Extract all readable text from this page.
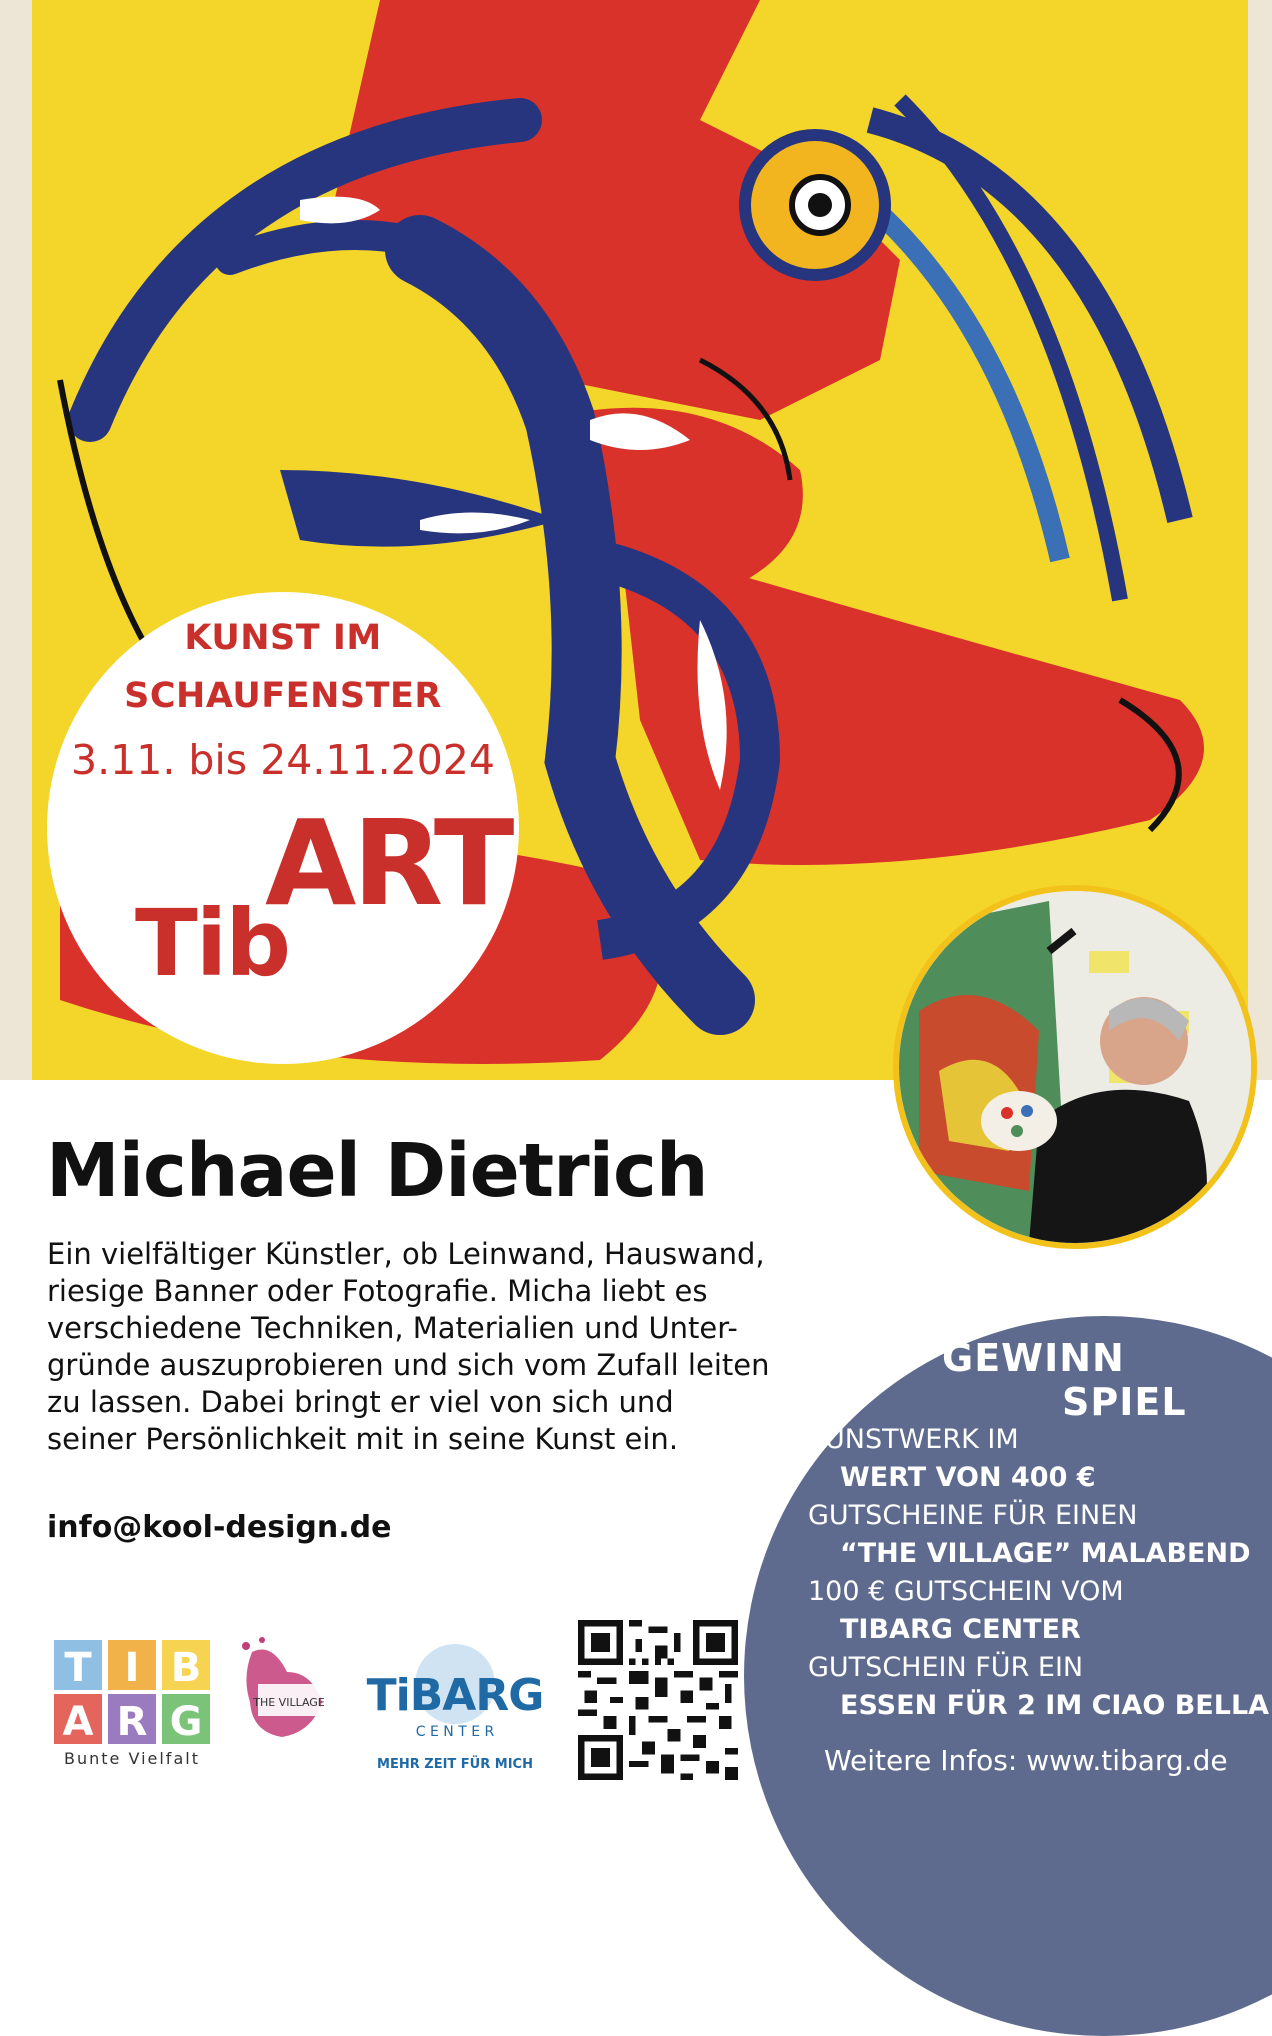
KUNST IM
SCHAUFENSTER
3.11. bis 24.11.2024
ART
Tib
Michael Dietrich
Ein vielfältiger Künstler, ob Leinwand, Hauswand,
riesige Banner oder Fotografie. Micha liebt es
verschiedene Techniken, Materialien und Unter-
gründe auszuprobieren und sich vom Zufall leiten
zu lassen. Dabei bringt er viel von sich und
seiner Persönlichkeit mit in seine Kunst ein.
info@kool-design.de
GEWINN
SPIEL
KUNSTWERK IM
WERT VON 400 €
GUTSCHEINE FÜR EINEN
“THE VILLAGE” MALABEND
100 € GUTSCHEIN VOM
TIBARG CENTER
GUTSCHEIN FÜR EIN
ESSEN FÜR 2 IM CIAO BELLA
Weitere Infos: www.tibarg.de
T I B
A R G
Bunte Vielfalt
THE VILLAGE TiBARG
C E N T E R
MEHR ZEIT FÜR MICH
